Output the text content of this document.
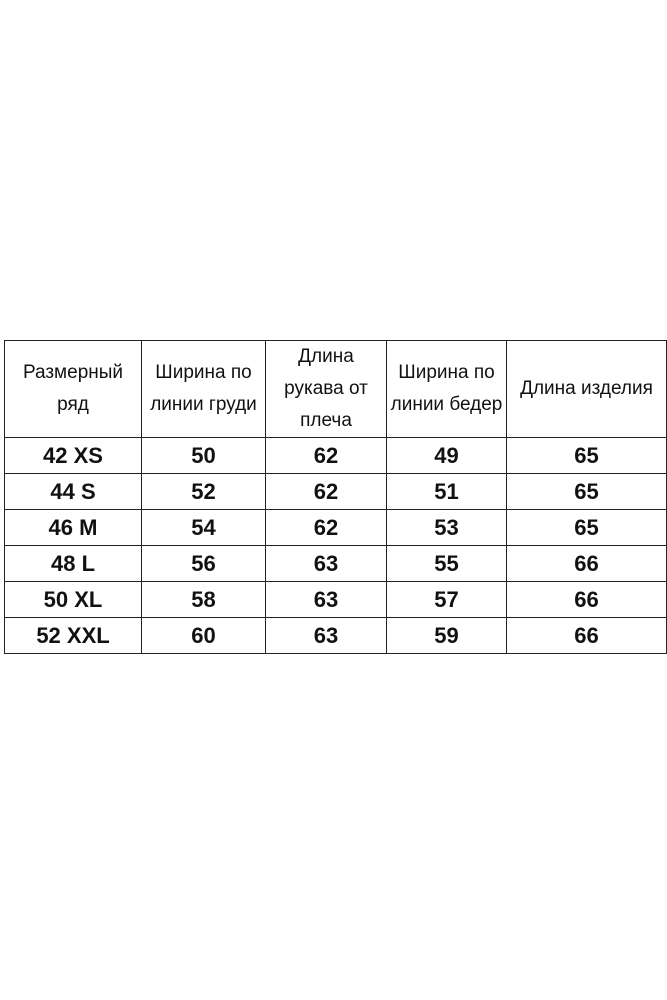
Размерный ряд	Ширина по линии груди	Длина рукава от плеча	Ширина по линии бедер	Длина изделия
42 XS	50	62	49	65
44 S	52	62	51	65
46 M	54	62	53	65
48 L	56	63	55	66
50 XL	58	63	57	66
52 XXL	60	63	59	66
